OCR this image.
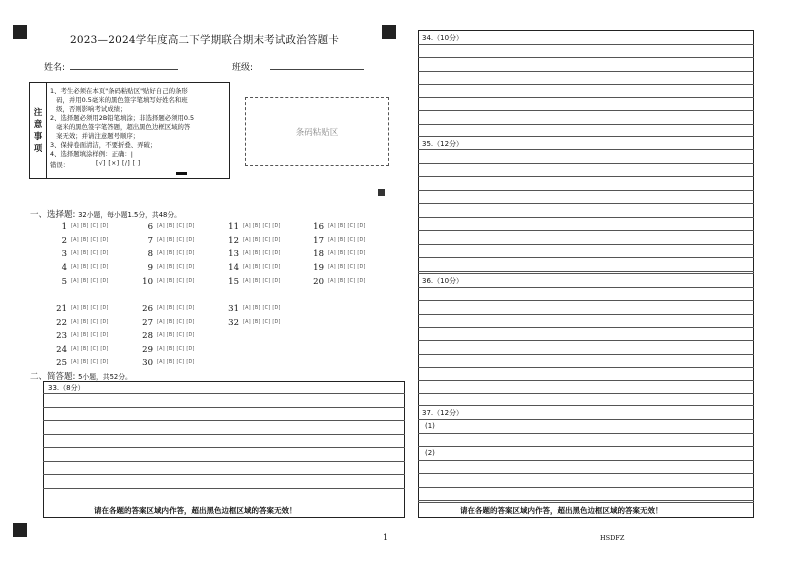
2023—2024学年度高二下学期联合期末考试政治答题卡
姓名:	班级:
注
意
事
项
1、考生必须在本页"条码粘贴区"贴好自己的条形
码，并用0.5毫米的黑色签字笔填写好姓名和班
级，否则影响考试成绩；
2、选择题必须用2B铅笔填涂；非选择题必须用0.5
毫米的黑色签字笔答题，超出黑色边框区域的答
案无效；并请注意题号顺序；
3、保持卷面清洁，不要折叠、弄破；
4、选择题填涂样例：正确：|
错误：	[√] [×] [/] [ ]
条码粘贴区
一、选择题: 32小题，每小题1.5分，共48分。
1 [A] [B] [C] [D]
2 [A] [B] [C] [D]
3 [A] [B] [C] [D]
4 [A] [B] [C] [D]
5 [A] [B] [C] [D]
6 [A] [B] [C] [D]
7 [A] [B] [C] [D]
8 [A] [B] [C] [D]
9 [A] [B] [C] [D]
10 [A] [B] [C] [D]
11 [A] [B] [C] [D]
12 [A] [B] [C] [D]
13 [A] [B] [C] [D]
14 [A] [B] [C] [D]
15 [A] [B] [C] [D]
16 [A] [B] [C] [D]
17 [A] [B] [C] [D]
18 [A] [B] [C] [D]
19 [A] [B] [C] [D]
20 [A] [B] [C] [D]
21 [A] [B] [C] [D]
22 [A] [B] [C] [D]
23 [A] [B] [C] [D]
24 [A] [B] [C] [D]
25 [A] [B] [C] [D]
26 [A] [B] [C] [D]
27 [A] [B] [C] [D]
28 [A] [B] [C] [D]
29 [A] [B] [C] [D]
30 [A] [B] [C] [D]
31 [A] [B] [C] [D]
32 [A] [B] [C] [D]
二、简答题: 5小题，共52分。
33.（8分）
请在各题的答案区域内作答，超出黑色边框区域的答案无效！
34.（10分）
35.（12分）
36.（10分）
37.（12分）
(1)
(2)
请在各题的答案区域内作答，超出黑色边框区域的答案无效！
1	HSDFZ
